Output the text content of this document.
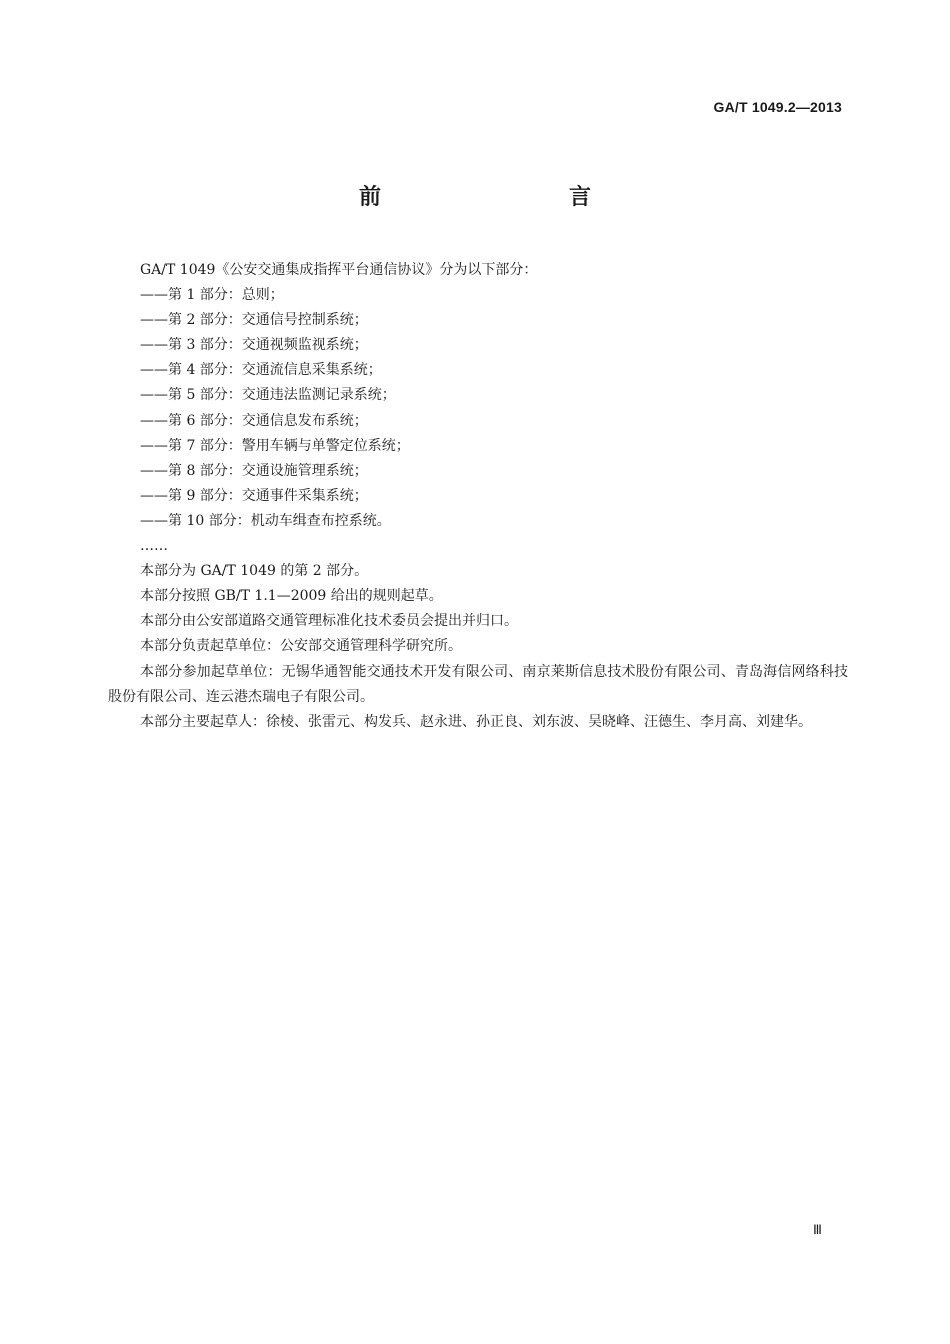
GA/T 1049.2—2013
前　　言

GA/T 1049《公安交通集成指挥平台通信协议》分为以下部分：

——第 1 部分：总则；

——第 2 部分：交通信号控制系统；

——第 3 部分：交通视频监视系统；

——第 4 部分：交通流信息采集系统；

——第 5 部分：交通违法监测记录系统；

——第 6 部分：交通信息发布系统；

——第 7 部分：警用车辆与单警定位系统；

——第 8 部分：交通设施管理系统；

——第 9 部分：交通事件采集系统；

——第 10 部分：机动车缉查布控系统。

……

本部分为 GA/T 1049 的第 2 部分。

本部分按照 GB/T 1.1—2009 给出的规则起草。

本部分由公安部道路交通管理标准化技术委员会提出并归口。

本部分负责起草单位：公安部交通管理科学研究所。

本部分参加起草单位：无锡华通智能交通技术开发有限公司、南京莱斯信息技术股份有限公司、青岛海信网络科技股份有限公司、连云港杰瑞电子有限公司。

本部分主要起草人：徐棱、张雷元、构发兵、赵永进、孙正良、刘东波、吴晓峰、汪德生、李月高、刘建华。

Ⅲ
